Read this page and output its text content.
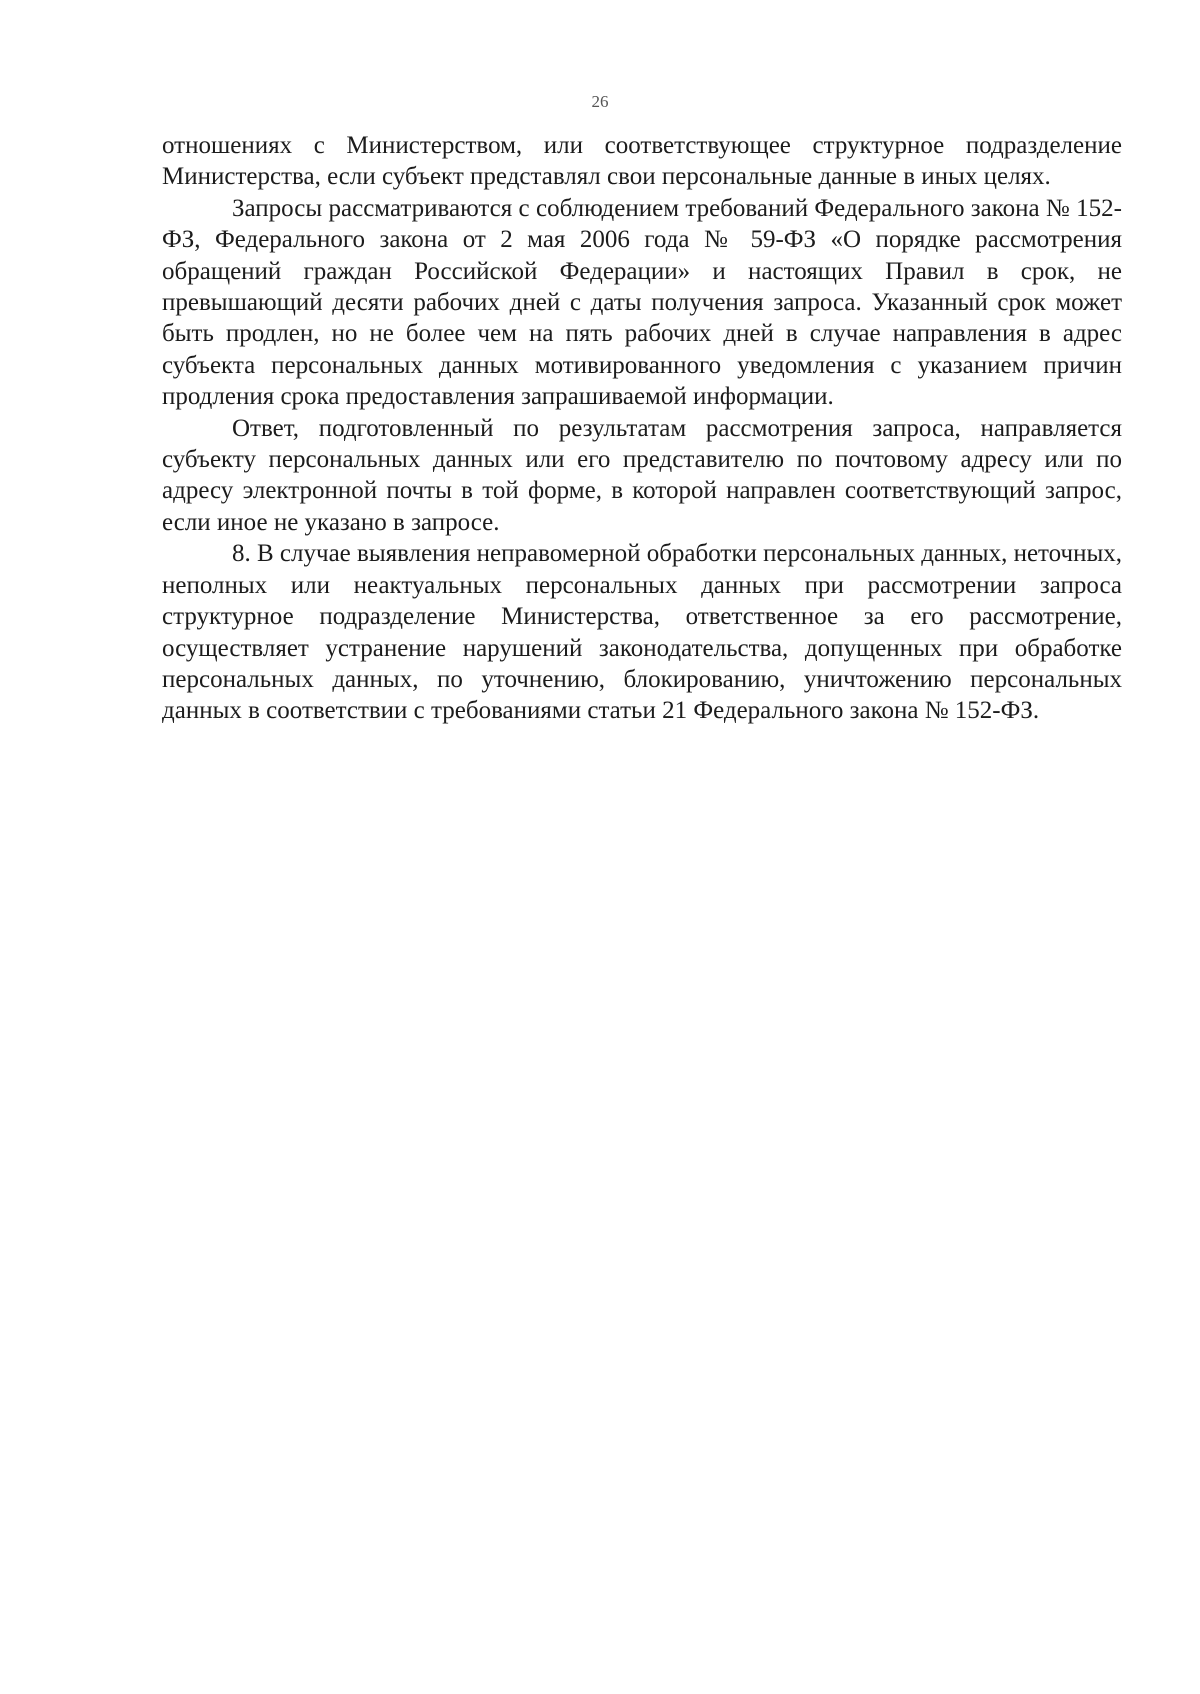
26

отношениях с Министерством, или соответствующее структурное подразделение Министерства, если субъект представлял свои персональные данные в иных целях.

Запросы рассматриваются с соблюдением требований Федерального закона № 152-ФЗ, Федерального закона от 2 мая 2006 года № 59-ФЗ «О порядке рассмотрения обращений граждан Российской Федерации» и настоящих Правил в срок, не превышающий десяти рабочих дней с даты получения запроса. Указанный срок может быть продлен, но не более чем на пять рабочих дней в случае направления в адрес субъекта персональных данных мотивированного уведомления с указанием причин продления срока предоставления запрашиваемой информации.

Ответ, подготовленный по результатам рассмотрения запроса, направляется субъекту персональных данных или его представителю по почтовому адресу или по адресу электронной почты в той форме, в которой направлен соответствующий запрос, если иное не указано в запросе.

8. В случае выявления неправомерной обработки персональных данных, неточных, неполных или неактуальных персональных данных при рассмотрении запроса структурное подразделение Министерства, ответственное за его рассмотрение, осуществляет устранение нарушений законодательства, допущенных при обработке персональных данных, по уточнению, блокированию, уничтожению персональных данных в соответствии с требованиями статьи 21 Федерального закона № 152-ФЗ.
